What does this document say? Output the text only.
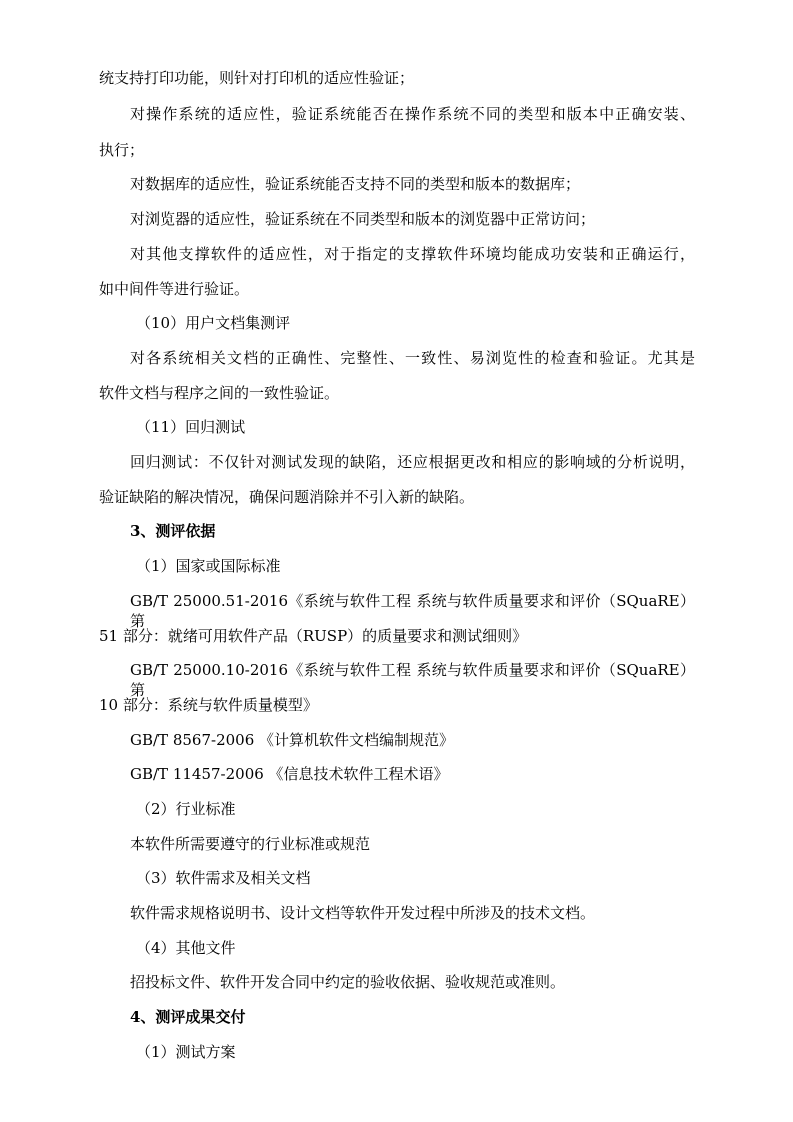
统支持打印功能，则针对打印机的适应性验证；
对操作系统的适应性，验证系统能否在操作系统不同的类型和版本中正确安装、
执行；
对数据库的适应性，验证系统能否支持不同的类型和版本的数据库；
对浏览器的适应性，验证系统在不同类型和版本的浏览器中正常访问；
对其他支撑软件的适应性，对于指定的支撑软件环境均能成功安装和正确运行，
如中间件等进行验证。
（10）用户文档集测评
对各系统相关文档的正确性、完整性、一致性、易浏览性的检查和验证。尤其是
软件文档与程序之间的一致性验证。
（11）回归测试
回归测试：不仅针对测试发现的缺陷，还应根据更改和相应的影响域的分析说明，
验证缺陷的解决情况，确保问题消除并不引入新的缺陷。
3、测评依据
（1）国家或国际标准
GB/T 25000.51-2016《系统与软件工程 系统与软件质量要求和评价（SQuaRE）第
51 部分：就绪可用软件产品（RUSP）的质量要求和测试细则》
GB/T 25000.10-2016《系统与软件工程 系统与软件质量要求和评价（SQuaRE）第
10 部分：系统与软件质量模型》
GB/T 8567-2006 《计算机软件文档编制规范》
GB/T 11457-2006 《信息技术软件工程术语》
（2）行业标准
本软件所需要遵守的行业标准或规范
（3）软件需求及相关文档
软件需求规格说明书、设计文档等软件开发过程中所涉及的技术文档。
（4）其他文件
招投标文件、软件开发合同中约定的验收依据、验收规范或准则。
4、测评成果交付
（1）测试方案
